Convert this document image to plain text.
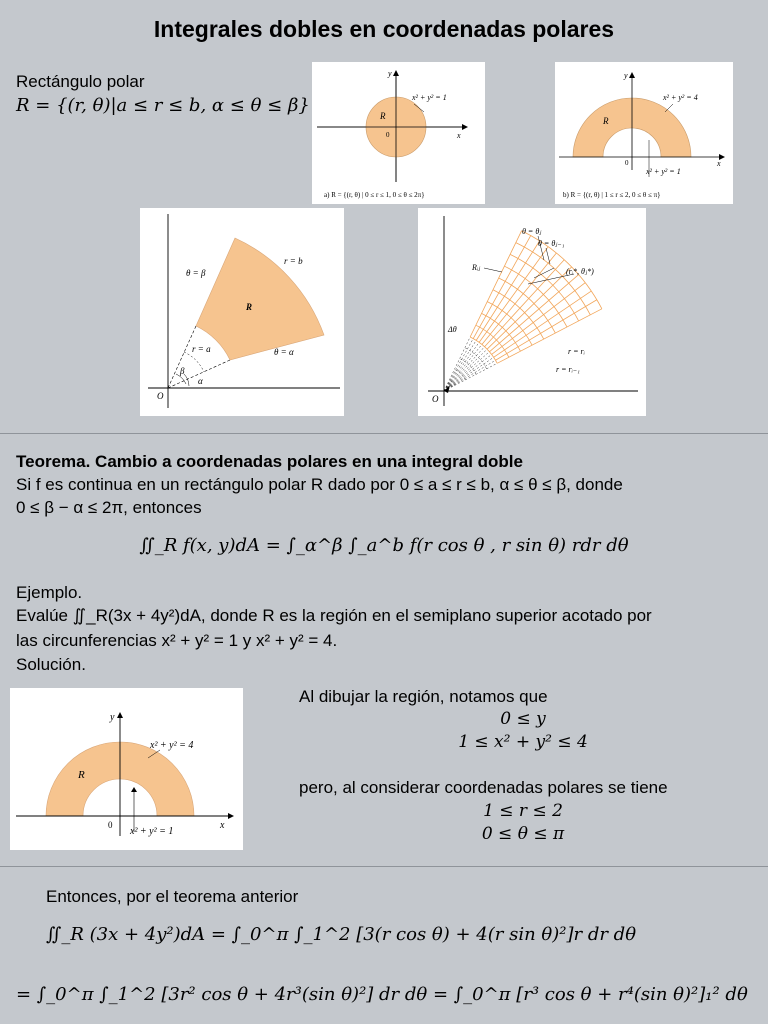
Integrales dobles en coordenadas polares
Rectángulo polar
R = {(r, θ)|a ≤ r ≤ b, α ≤ θ ≤ β}
y
x
x² + y² = 1
R
0
a) R = {(r, θ) | 0 ≤ r ≤ 1, 0 ≤ θ ≤ 2π}
y
x
x² + y² = 4
x² + y² = 1
R
0
b) R = {(r, θ) | 1 ≤ r ≤ 2, 0 ≤ θ ≤ π}
θ = β
r = b
R
r = a	θ = α
β
α
O
θ = θⱼ
θ = θⱼ₋₁
Rᵢⱼ	(rᵢ*, θⱼ*)
Δθ
r = rᵢ
r = rᵢ₋₁
O
Teorema. Cambio a coordenadas polares en una integral doble
Si f es continua en un rectángulo polar R dado por 0 ≤ a ≤ r ≤ b, α ≤ θ ≤ β, donde
0 ≤ β − α ≤ 2π, entonces
∬_R f(x, y)dA = ∫_α^β ∫_a^b f(r cos θ , r sin θ) rdr dθ
Ejemplo.
Evalúe ∬_R(3x + 4y²)dA, donde R es la región en el semiplano superior acotado por
las circunferencias x² + y² = 1 y x² + y² = 4.
Solución.
y
x
x² + y² = 4
x² + y² = 1
R
0
Al dibujar la región, notamos que
0 ≤ y
1 ≤ x² + y² ≤ 4
pero, al considerar coordenadas polares se tiene
1 ≤ r ≤ 2
0 ≤ θ ≤ π
Entonces, por el teorema anterior
∬_R (3x + 4y²)dA = ∫_0^π ∫_1^2 [3(r cos θ) + 4(r sin θ)²]r dr dθ
= ∫_0^π ∫_1^2 [3r² cos θ + 4r³(sin θ)²] dr dθ = ∫_0^π [r³ cos θ + r⁴(sin θ)²]₁² dθ
